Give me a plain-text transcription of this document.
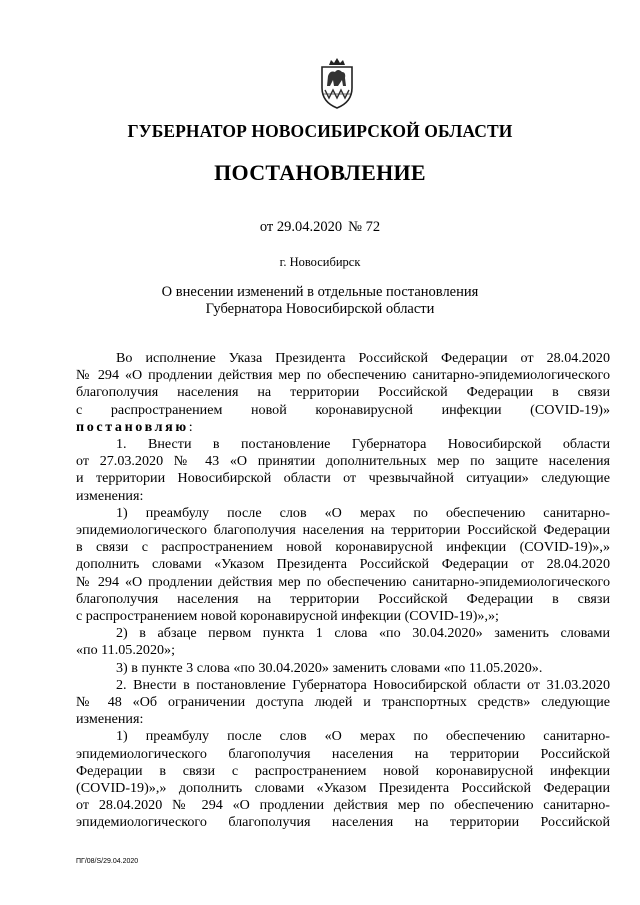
ГУБЕРНАТОР НОВОСИБИРСКОЙ ОБЛАСТИ
ПОСТАНОВЛЕНИЕ
от 29.04.2020 № 72
г. Новосибирск
О внесении изменений в отдельные постановления
Губернатора Новосибирской области

Во исполнение Указа Президента Российской Федерации от 28.04.2020

№ 294 «О продлении действия мер по обеспечению санитарно-эпидемиологического

благополучия населения на территории Российской Федерации в связи

с распространением новой коронавирусной инфекции (COVID-19)»

постановляю:

1. Внести в постановление Губернатора Новосибирской области

от 27.03.2020 № 43 «О принятии дополнительных мер по защите населения

и территории Новосибирской области от чрезвычайной ситуации» следующие

изменения:

1) преамбулу после слов «О мерах по обеспечению санитарно-

эпидемиологического благополучия населения на территории Российской Федерации

в связи с распространением новой коронавирусной инфекции (COVID-19)»,»

дополнить словами «Указом Президента Российской Федерации от 28.04.2020

№ 294 «О продлении действия мер по обеспечению санитарно-эпидемиологического

благополучия населения на территории Российской Федерации в связи

с распространением новой коронавирусной инфекции (COVID-19)»,»;

2) в абзаце первом пункта 1 слова «по 30.04.2020» заменить словами

«по 11.05.2020»;

3) в пункте 3 слова «по 30.04.2020» заменить словами «по 11.05.2020».

2. Внести в постановление Губернатора Новосибирской области от 31.03.2020

№ 48 «Об ограничении доступа людей и транспортных средств» следующие

изменения:

1) преамбулу после слов «О мерах по обеспечению санитарно-

эпидемиологического благополучия населения на территории Российской

Федерации в связи с распространением новой коронавирусной инфекции

(COVID-19)»,» дополнить словами «Указом Президента Российской Федерации

от 28.04.2020 № 294 «О продлении действия мер по обеспечению санитарно-

эпидемиологического благополучия населения на территории Российской

ПГ/08/S/29.04.2020
